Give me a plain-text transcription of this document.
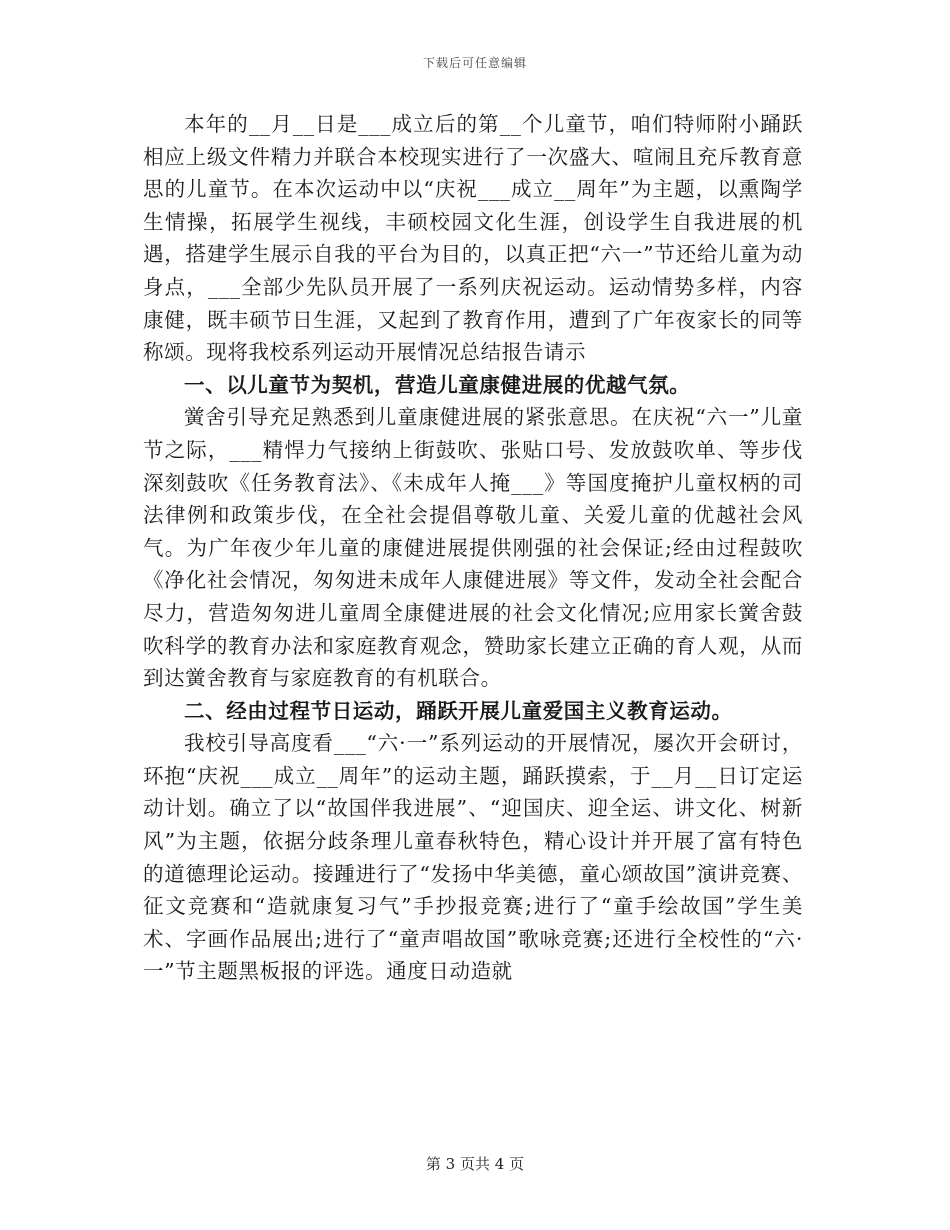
下载后可任意编辑

本年的__月__日是___成立后的第__个儿童节，咱们特师附小踊跃相应上级文件精力并联合本校现实进行了一次盛大、喧闹且充斥教育意思的儿童节。在本次运动中以“庆祝___成立__周年”为主题，以熏陶学生情操，拓展学生视线，丰硕校园文化生涯，创设学生自我进展的机遇，搭建学生展示自我的平台为目的，以真正把“六一”节还给儿童为动身点，___全部少先队员开展了一系列庆祝运动。运动情势多样，内容康健，既丰硕节日生涯，又起到了教育作用，遭到了广年夜家长的同等称颂。现将我校系列运动开展情况总结报告请示

一、以儿童节为契机，营造儿童康健进展的优越气氛。

黉舍引导充足熟悉到儿童康健进展的紧张意思。在庆祝“六一”儿童节之际，___精悍力气接纳上街鼓吹、张贴口号、发放鼓吹单、等步伐深刻鼓吹《任务教育法》、《未成年人掩___》等国度掩护儿童权柄的司法律例和政策步伐，在全社会提倡尊敬儿童、关爱儿童的优越社会风气。为广年夜少年儿童的康健进展提供刚强的社会保证;经由过程鼓吹《净化社会情况，匆匆进未成年人康健进展》等文件，发动全社会配合尽力，营造匆匆进儿童周全康健进展的社会文化情况;应用家长黉舍鼓吹科学的教育办法和家庭教育观念，赞助家长建立正确的育人观，从而到达黉舍教育与家庭教育的有机联合。

二、经由过程节日运动，踊跃开展儿童爱国主义教育运动。

我校引导高度看___“六·一”系列运动的开展情况，屡次开会研讨，环抱“庆祝___成立__周年”的运动主题，踊跃摸索，于__月__日订定运动计划。确立了以“故国伴我进展”、“迎国庆、迎全运、讲文化、树新风”为主题，依据分歧条理儿童春秋特色，精心设计并开展了富有特色的道德理论运动。接踵进行了“发扬中华美德，童心颂故国”演讲竞赛、征文竞赛和“造就康复习气”手抄报竞赛;进行了“童手绘故国”学生美术、字画作品展出;进行了“童声唱故国”歌咏竞赛;还进行全校性的“六·一”节主题黑板报的评选。通度日动造就

第 3 页共 4 页
